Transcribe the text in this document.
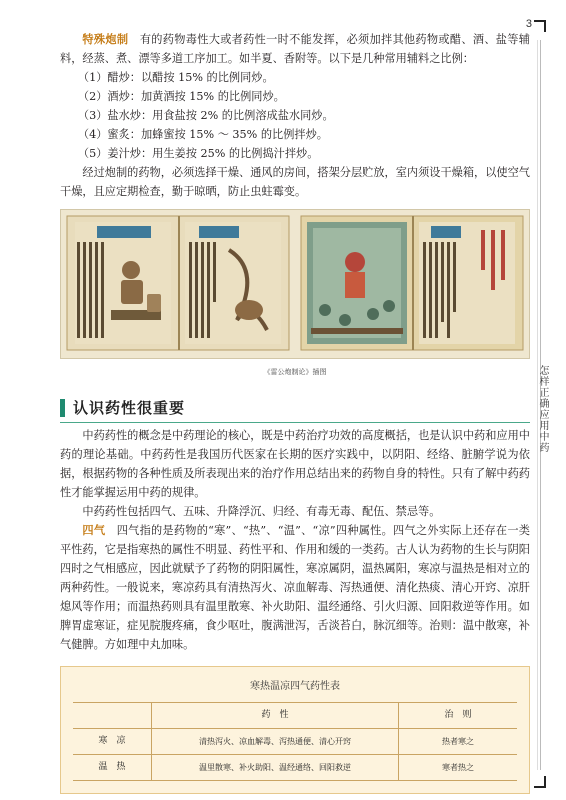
3
怎样正确应用中药

特殊炮制　 有的药物毒性大或者药性一时不能发挥，必须加拌其他药物或醋、酒、盐等辅料，经蒸、煮、漂等多道工序加工。如半夏、香附等。以下是几种常用辅料之比例：

（1）醋炒：以醋按 15% 的比例同炒。

（2）酒炒：加黄酒按 15% 的比例同炒。

（3）盐水炒：用食盐按 2% 的比例溶成盐水同炒。

（4）蜜炙：加蜂蜜按 15% ～ 35% 的比例拌炒。

（5）姜汁炒：用生姜按 25% 的比例捣汁拌炒。

经过炮制的药物，必须选择干燥、通风的房间，搭架分层贮放，室内须设干燥箱，以使空气干燥，且应定期检查，勤于晾晒，防止虫蛀霉变。

《雷公炮制论》插图
认识药性很重要

中药药性的概念是中药理论的核心，既是中药治疗功效的高度概括，也是认识中药和应用中药的理论基础。中药药性是我国历代医家在长期的医疗实践中，以阴阳、经络、脏腑学说为依据，根据药物的各种性质及所表现出来的治疗作用总结出来的药物自身的特性。只有了解中药药性才能掌握运用中药的规律。

中药药性包括四气、五味、升降浮沉、归经、有毒无毒、配伍、禁忌等。

四气　 四气指的是药物的“寒”、“热”、“温”、“凉”四种属性。四气之外实际上还存在一类平性药，它是指寒热的属性不明显、药性平和、作用和缓的一类药。古人认为药物的生长与阴阳四时之气相感应，因此就赋予了药物的阴阳属性，寒凉属阴，温热属阳，寒凉与温热是相对立的两种药性。一般说来，寒凉药具有清热泻火、凉血解毒、泻热通便、清化热痰、清心开窍、凉肝熄风等作用；而温热药则具有温里散寒、补火助阳、温经通络、引火归源、回阳救逆等作用。如脾胃虚寒证，症见脘腹疼痛，食少呕吐，腹满泄泻，舌淡苔白，脉沉细等。治则：温中散寒，补气健脾。方如理中丸加味。

寒热温凉四气药性表
	药　性	治　则
寒　凉	清热泻火、凉血解毒、泻热通便、清心开窍	热者寒之
温　热	温里散寒、补火助阳、温经通络、回阳救逆	寒者热之
